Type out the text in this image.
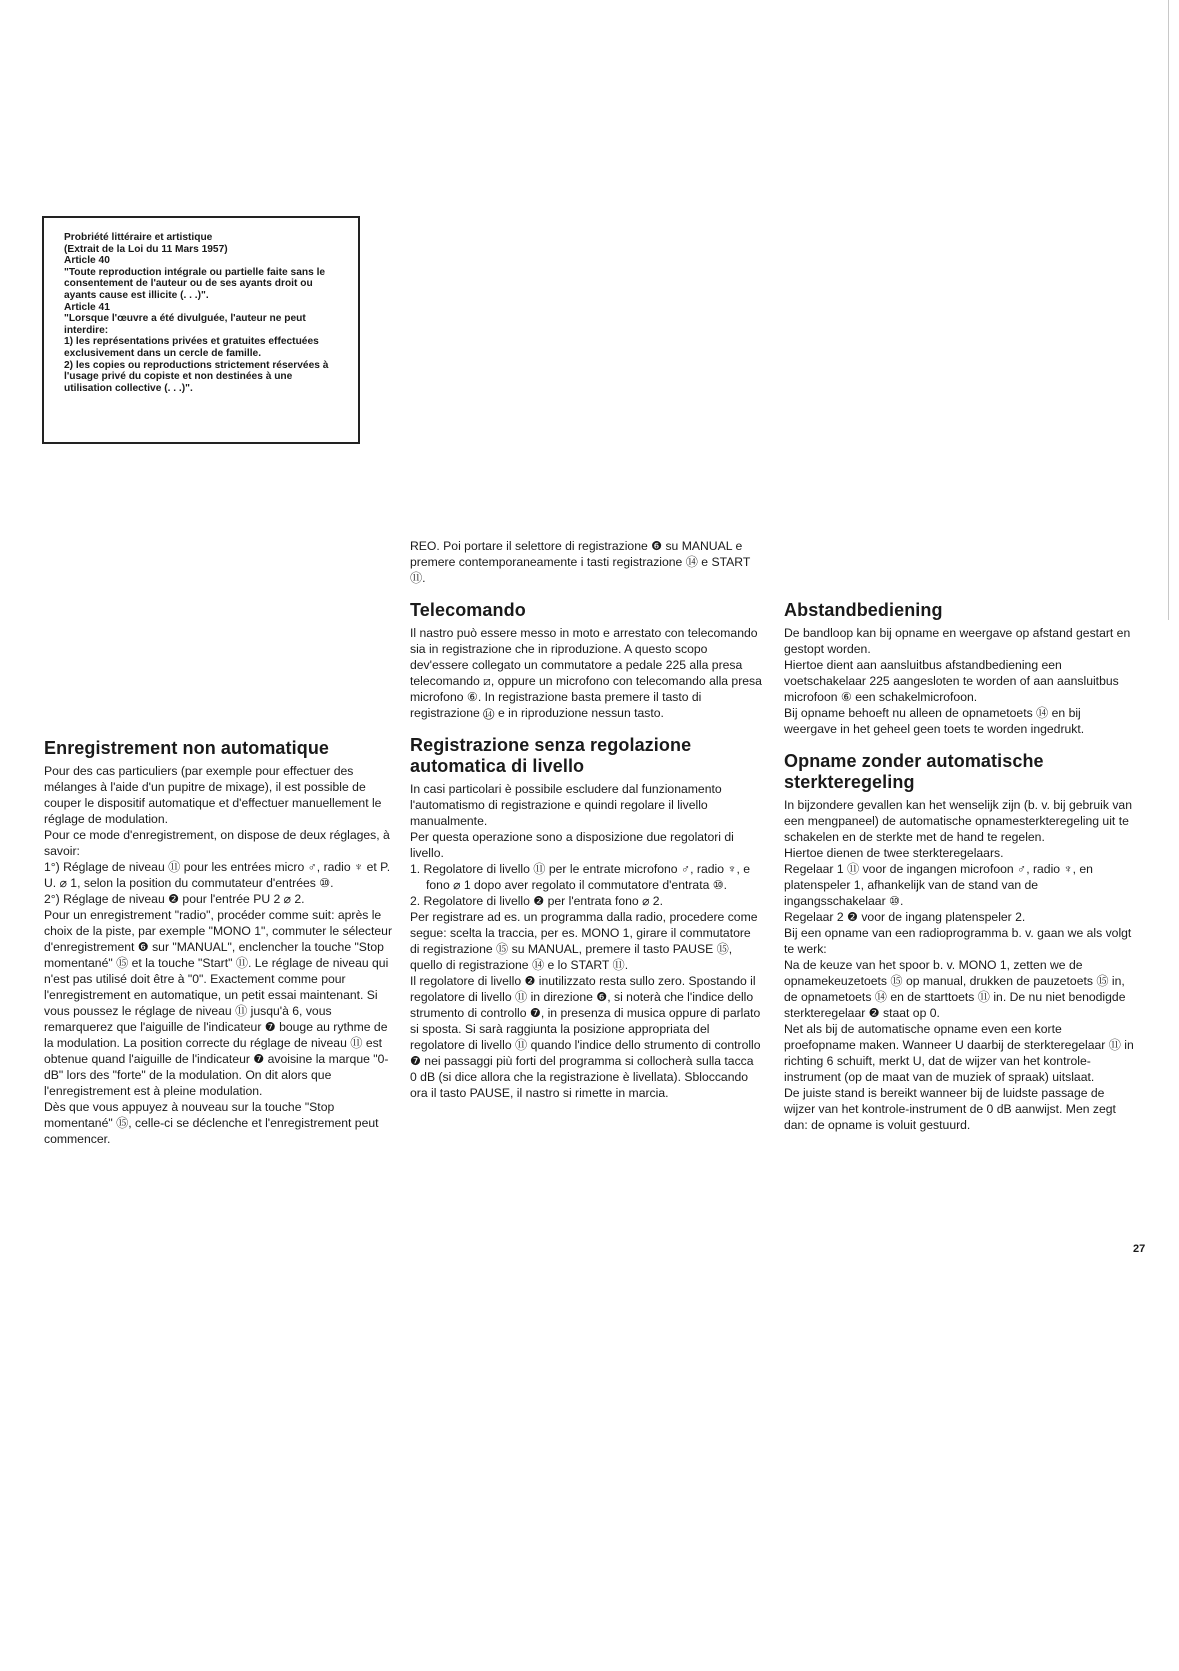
Probriété littéraire et artistique

(Extrait de la Loi du 11 Mars 1957)

Article 40

"Toute reproduction intégrale ou partielle faite sans le consentement de l'auteur ou de ses ayants droit ou ayants cause est illicite (. . .)".

Article 41

"Lorsque l'œuvre a été divulguée, l'auteur ne peut interdire:

1) les représentations privées et gratuites effectuées exclusivement dans un cercle de famille.

2) les copies ou reproductions strictement réservées à l'usage privé du copiste et non destinées à une utilisation collective (. . .)".

Enregistrement non automatique

Pour des cas particuliers (par exemple pour effectuer des mélanges à l'aide d'un pupitre de mixage), il est possible de couper le dispositif automatique et d'effectuer manuellement le réglage de modulation.

Pour ce mode d'enregistrement, on dispose de deux réglages, à savoir:

1°) Réglage de niveau ⑪ pour les entrées micro ♂, radio ♆ et P. U. ⌀ 1, selon la position du commutateur d'entrées ⑩.

2°) Réglage de niveau ❷ pour l'entrée PU 2 ⌀ 2.

Pour un enregistrement "radio", procéder comme suit: après le choix de la piste, par exemple "MONO 1", commuter le sélecteur d'enregistrement ❻ sur "MANUAL", enclencher la touche "Stop momentané" ⑮ et la touche "Start" ⑪. Le réglage de niveau qui n'est pas utilisé doit être à "0". Exactement comme pour l'enregistrement en automatique, un petit essai maintenant. Si vous poussez le réglage de niveau ⑪ jusqu'à 6, vous remarquerez que l'aiguille de l'indicateur ❼ bouge au rythme de la modulation. La position correcte du réglage de niveau ⑪ est obtenue quand l'aiguille de l'indicateur ❼ avoisine la marque "0-dB" lors des "forte" de la modulation. On dit alors que l'enregistrement est à pleine modulation.

Dès que vous appuyez à nouveau sur la touche "Stop momentané" ⑮, celle-ci se déclenche et l'enregistrement peut commencer.

REO. Poi portare il selettore di registrazione ❻ su MANUAL e premere contemporaneamente i tasti registrazione ⑭ e START ⑪.

Telecomando

Il nastro può essere messo in moto e arrestato con telecomando sia in registrazione che in riproduzione. A questo scopo dev'essere collegato un commutatore a pedale 225 alla presa telecomando ⧄, oppure un microfono con telecomando alla presa microfono ⑥. In registrazione basta premere il tasto di registrazione ⑭ e in riproduzione nessun tasto.

Registrazione senza regolazione automatica di livello

In casi particolari è possibile escludere dal funzionamento l'automatismo di registrazione e quindi regolare il livello manualmente.

Per questa operazione sono a disposizione due regolatori di livello.

1. Regolatore di livello ⑪ per le entrate microfono ♂, radio ♆, e fono ⌀ 1 dopo aver regolato il commutatore d'entrata ⑩.

2. Regolatore di livello ❷ per l'entrata fono ⌀ 2.

Per registrare ad es. un programma dalla radio, procedere come segue: scelta la traccia, per es. MONO 1, girare il commutatore di registrazione ⑮ su MANUAL, premere il tasto PAUSE ⑮, quello di registrazione ⑭ e lo START ⑪.

Il regolatore di livello ❷ inutilizzato resta sullo zero. Spostando il regolatore di livello ⑪ in direzione ❻, si noterà che l'indice dello strumento di controllo ❼, in presenza di musica oppure di parlato si sposta. Si sarà raggiunta la posizione appropriata del regolatore di livello ⑪ quando l'indice dello strumento di controllo ❼ nei passaggi più forti del programma si collocherà sulla tacca 0 dB (si dice allora che la registrazione è livellata). Sbloccando ora il tasto PAUSE, il nastro si rimette in marcia.

Abstandbediening

De bandloop kan bij opname en weergave op afstand gestart en gestopt worden.

Hiertoe dient aan aansluitbus afstandbediening een voetschakelaar 225 aangesloten te worden of aan aansluitbus microfoon ⑥ een schakelmicrofoon.

Bij opname behoeft nu alleen de opnametoets ⑭ en bij weergave in het geheel geen toets te worden ingedrukt.

Opname zonder automatische sterkteregeling

In bijzondere gevallen kan het wenselijk zijn (b. v. bij gebruik van een mengpaneel) de automatische opnamesterkteregeling uit te schakelen en de sterkte met de hand te regelen.

Hiertoe dienen de twee sterkteregelaars.

Regelaar 1 ⑪ voor de ingangen microfoon ♂, radio ♆, en platenspeler 1, afhankelijk van de stand van de ingangsschakelaar ⑩.

Regelaar 2 ❷ voor de ingang platenspeler 2.

Bij een opname van een radioprogramma b. v. gaan we als volgt te werk:

Na de keuze van het spoor b. v. MONO 1, zetten we de opnamekeuzetoets ⑮ op manual, drukken de pauzetoets ⑮ in, de opnametoets ⑭ en de starttoets ⑪ in. De nu niet benodigde sterkteregelaar ❷ staat op 0.

Net als bij de automatische opname even een korte proefopname maken. Wanneer U daarbij de sterkteregelaar ⑪ in richting 6 schuift, merkt U, dat de wijzer van het kontrole-instrument (op de maat van de muziek of spraak) uitslaat.

De juiste stand is bereikt wanneer bij de luidste passage de wijzer van het kontrole-instrument de 0 dB aanwijst. Men zegt dan: de opname is voluit gestuurd.

27
